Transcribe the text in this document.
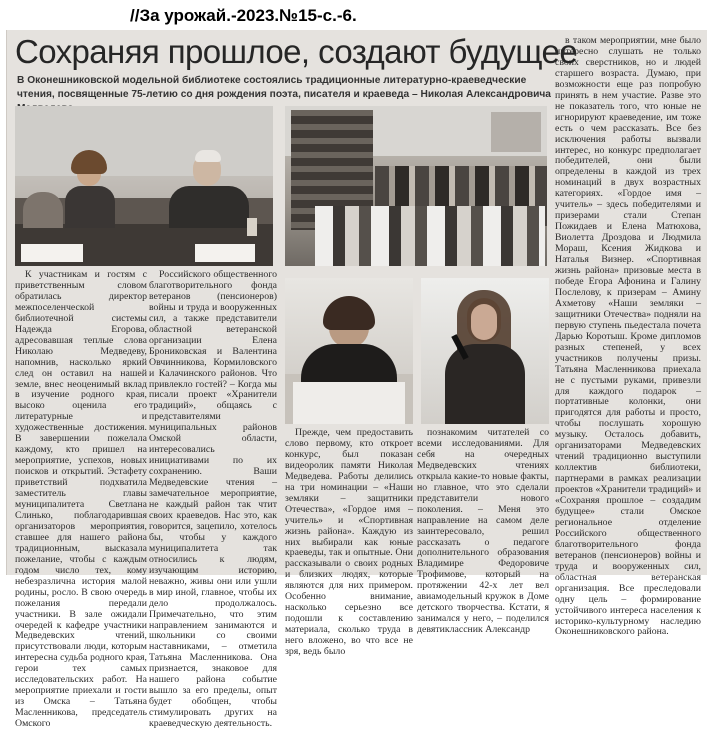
//За урожай.-2023.№15-с.-6.
Сохраняя прошлое, создают будущее
В Оконешниковской модельной библиотеке состоялись традиционные литературно-краеведческие чтения, посвященные 75-летию со дня рождения поэта, писателя и краеведа – Николая Александровича

К участникам и гостям с приветственным словом обратилась директор межпоселенческой библиотечной системы Надежда Егорова, адресовавшая теплые слова Николаю Медведеву, напомнив, насколько яркий след он оставил на нашей земле, внес неоценимый вклад в изучение родного края, высоко оценила его литературные и художественные достижения. В завершении пожелала каждому, кто пришел на мероприятие, успехов, новых поисков и открытий. Эстафету приветствий подхватила заместитель главы муниципалитета Светлана Слинько, поблагодарившая организаторов мероприятия, ставшее для нашего района традиционным, высказала пожелание, чтобы с каждым годом число тех, кому небезразлична история малой родины, росло. В свою очередь пожелания передали участники. В зале ожидали очередей к кафедре участники Медведевских чтений, присутствовали люди, которым интересна судьба родного края, герои тех самых исследовательских работ. На мероприятие приехали и гости из Омска – Татьяна Масленникова, председатель Омского

Российского общественного благотворительного фонда ветеранов (пенсионеров) войны и труда и вооруженных сил, а также представители областной ветеранской организации Елена Брониковская и Валентина Овчинникова, Кормиловского и Калачинского районов. Что привлекло гостей? – Когда мы писали проект «Хранители традиций», общаясь с представителями муниципальных районов Омской области, интересовались инициативами по их сохранению. Ваши Медведевские чтения – замечательное мероприятие, не каждый район так чтит своих краеведов. Нас это, как говорится, зацепило, хотелось бы, чтобы у каждого муниципалитета так относились к людям, изучающим историю, неважно, живы они или ушли в мир иной, главное, чтобы их дело продолжалось. Примечательно, что этим направлением занимаются и школьники со своими наставниками, – отметила Татьяна Масленникова. Она признается, знаковое для нашего района событие вышло за его пределы, опыт будет обобщен, чтобы стимулировать других на краеведческую деятельность.

Прежде, чем предоставить слово первому, кто откроет конкурс, был показан видеоролик памяти Николая Медведева. Работы делились на три номинации – «Наши земляки – защитники Отечества», «Гордое имя – учитель» и «Спортивная жизнь района». Каждую из них выбирали как юные краеведы, так и опытные. Они рассказывали о своих родных и близких людях, которые являются для них примером. Особенно внимание, насколько серьезно все подошли к составлению материала, сколько труда в него вложено, во что все не зря, ведь было

познакомим читателей со всеми исследованиями. Для себя на очередных Медведевских чтениях открыла какие-то новые факты, но главное, что это сделали представители нового поколения. – Меня это направление на самом деле заинтересовало, решил рассказать о педагоге дополнительного образования Владимире Федоровиче Трофимове, который на протяжении 42-х лет вел авиамодельный кружок в Доме детского творчества. Кстати, я занимался у него, – поделился девятиклассник Александр

в таком мероприятии, мне было интересно слушать не только своих сверстников, но и людей старшего возраста. Думаю, при возможности еще раз попробую принять в нем участие. Разве это не показатель того, что юные не игнорируют краеведение, им тоже есть о чем рассказать. Все без исключения работы вызвали интерес, но конкурс предполагает победителей, они были определены в каждой из трех номинаций в двух возрастных категориях. «Гордое имя – учитель» – здесь победителями и призерами стали Степан Пожидаев и Елена Матюхова, Виолетта Дроздова и Людмила Мораш, Ксения Жидкова и Наталья Визнер. «Спортивная жизнь района» призовые места в победе Егора Афонина и Галину Послелову, к призерам – Амину Ахметову «Наши земляки – защитники Отечества» подняли на первую ступень пьедестала почета Дарью Коротыш. Кроме дипломов разных степеней, у всех участников получены призы. Татьяна Масленникова приехала не с пустыми руками, привезли для каждого подарок – портативные колонки, они пригодятся для работы и просто, чтобы послушать хорошую музыку. Осталось добавить, организаторами Медведевских чтений традиционно выступили коллектив библиотеки, партнерами в рамках реализации проектов «Хранители традиций» и «Сохраняя прошлое – создадим будущее» стали Омское региональное отделение Российского общественного благотворительного фонда ветеранов (пенсионеров) войны и труда и вооруженных сил, областная ветеранская организация. Все преследовали одну цель – формирование устойчивого интереса населения к историко-культурному наследию Оконешниковского района.
